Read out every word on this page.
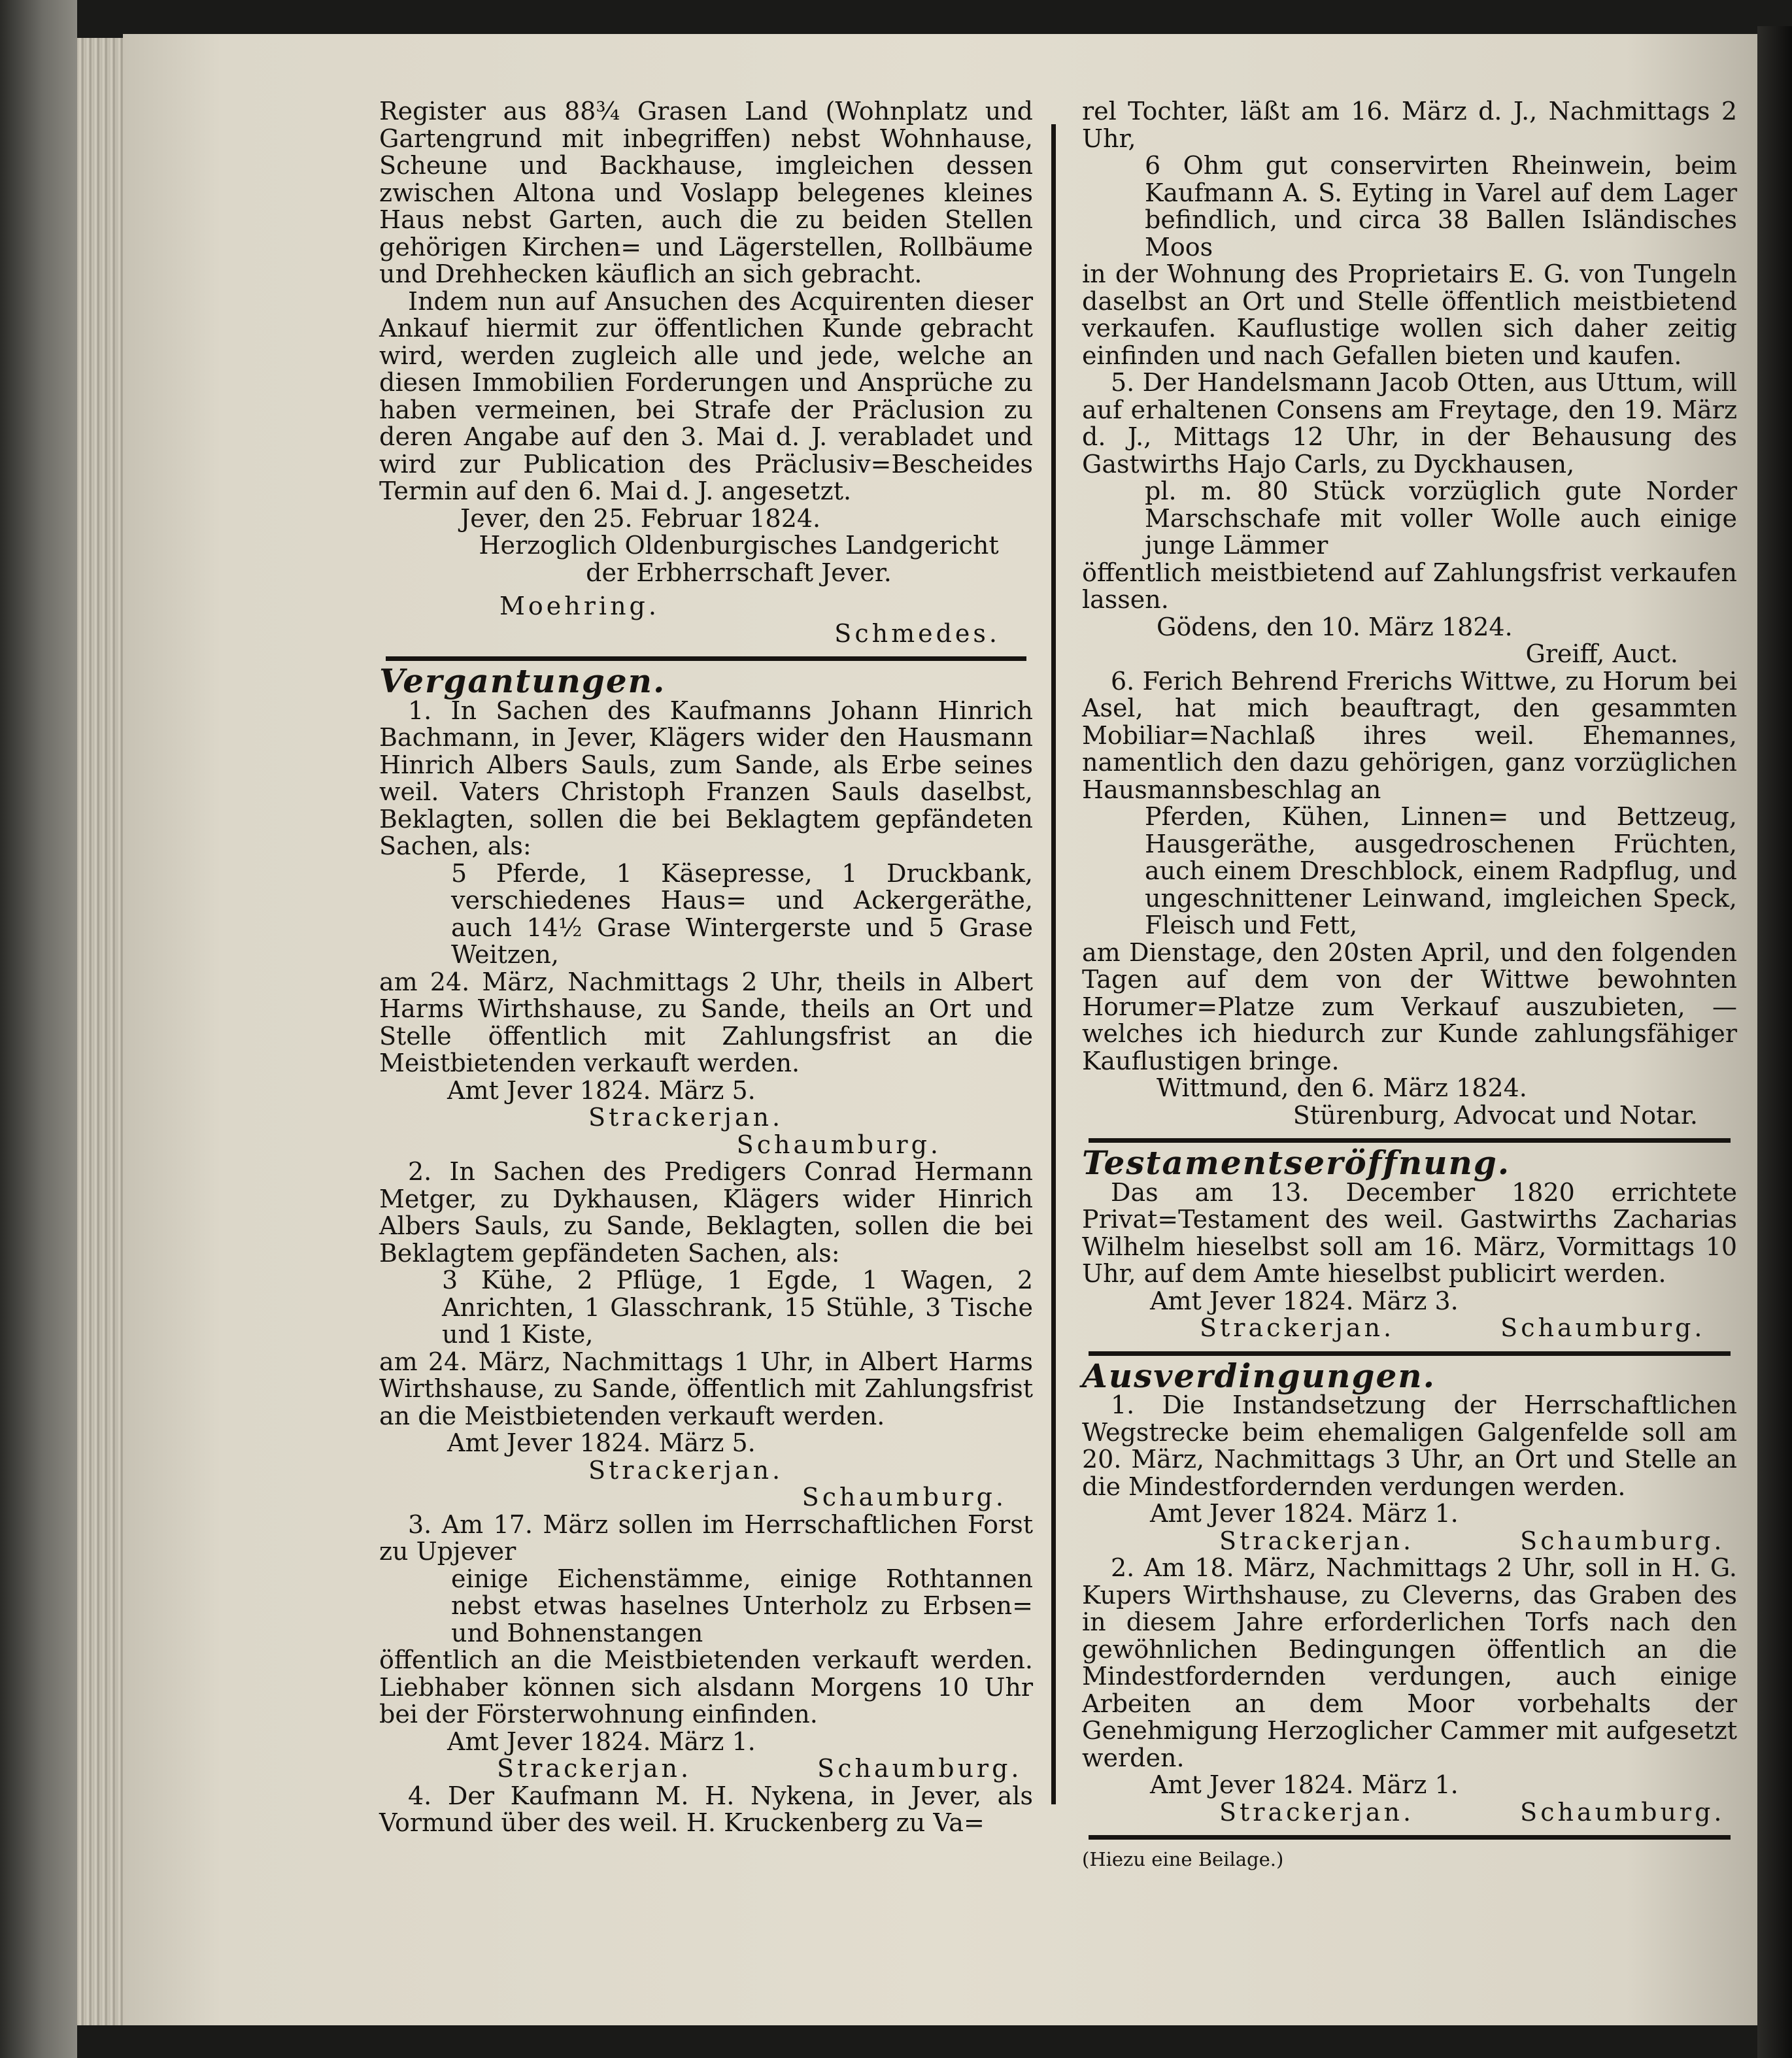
Register aus 88¾ Grasen Land (Wohnplatz und Gartengrund mit inbegriffen) nebst Wohnhause, Scheune und Backhause, imgleichen dessen zwischen Altona und Voslapp belegenes kleines Haus nebst Garten, auch die zu beiden Stellen gehörigen Kirchen= und Lägerstellen, Rollbäume und Drehhecken käuflich an sich gebracht.

Indem nun auf Ansuchen des Acquirenten dieser Ankauf hiermit zur öffentlichen Kunde gebracht wird, werden zugleich alle und jede, welche an diesen Immobilien Forderungen und Ansprüche zu haben vermeinen, bei Strafe der Präclusion zu deren Angabe auf den 3. Mai d. J. verabladet und wird zur Publication des Präclusiv=Bescheides Termin auf den 6. Mai d. J. angesetzt.

Jever, den 25. Februar 1824.

Herzoglich Oldenburgisches Landgericht

der Erbherrschaft Jever.

Moehring.

Schmedes.

Vergantungen.

1. In Sachen des Kaufmanns Johann Hinrich Bachmann, in Jever, Klägers wider den Hausmann Hinrich Albers Sauls, zum Sande, als Erbe seines weil. Vaters Christoph Franzen Sauls daselbst, Beklagten, sollen die bei Beklagtem gepfändeten Sachen, als:

5 Pferde, 1 Käsepresse, 1 Druckbank, verschiedenes Haus= und Ackergeräthe, auch 14½ Grase Wintergerste und 5 Grase Weitzen,

am 24. März, Nachmittags 2 Uhr, theils in Albert Harms Wirthshause, zu Sande, theils an Ort und Stelle öffentlich mit Zahlungsfrist an die Meistbietenden verkauft werden.

Amt Jever 1824. März 5.

Strackerjan.

Schaumburg.

2. In Sachen des Predigers Conrad Hermann Metger, zu Dykhausen, Klägers wider Hinrich Albers Sauls, zu Sande, Beklagten, sollen die bei Beklagtem gepfändeten Sachen, als:

3 Kühe, 2 Pflüge, 1 Egde, 1 Wagen, 2 Anrichten, 1 Glasschrank, 15 Stühle, 3 Tische und 1 Kiste,

am 24. März, Nachmittags 1 Uhr, in Albert Harms Wirthshause, zu Sande, öffentlich mit Zahlungsfrist an die Meistbietenden verkauft werden.

Amt Jever 1824. März 5.

Strackerjan.

Schaumburg.

3. Am 17. März sollen im Herrschaftlichen Forst zu Upjever

einige Eichenstämme, einige Rothtannen nebst etwas haselnes Unterholz zu Erbsen= und Bohnenstangen

öffentlich an die Meistbietenden verkauft werden. Liebhaber können sich alsdann Morgens 10 Uhr bei der Försterwohnung einfinden.

Amt Jever 1824. März 1.

Strackerjan.	Schaumburg.

4. Der Kaufmann M. H. Nykena, in Jever, als Vormund über des weil. H. Kruckenberg zu Va=

rel Tochter, läßt am 16. März d. J., Nachmittags 2 Uhr,

6 Ohm gut conservirten Rheinwein, beim Kaufmann A. S. Eyting in Varel auf dem Lager befindlich, und circa 38 Ballen Isländisches Moos

in der Wohnung des Proprietairs E. G. von Tungeln daselbst an Ort und Stelle öffentlich meistbietend verkaufen. Kauflustige wollen sich daher zeitig einfinden und nach Gefallen bieten und kaufen.

5. Der Handelsmann Jacob Otten, aus Uttum, will auf erhaltenen Consens am Freytage, den 19. März d. J., Mittags 12 Uhr, in der Behausung des Gastwirths Hajo Carls, zu Dyckhausen,

pl. m. 80 Stück vorzüglich gute Norder Marschschafe mit voller Wolle auch einige junge Lämmer

öffentlich meistbietend auf Zahlungsfrist verkaufen lassen.

Gödens, den 10. März 1824.

Greiff, Auct.

6. Ferich Behrend Frerichs Wittwe, zu Horum bei Asel, hat mich beauftragt, den gesammten Mobiliar=Nachlaß ihres weil. Ehemannes, namentlich den dazu gehörigen, ganz vorzüglichen Hausmannsbeschlag an

Pferden, Kühen, Linnen= und Bettzeug, Hausgeräthe, ausgedroschenen Früchten, auch einem Dreschblock, einem Radpflug, und ungeschnittener Leinwand, imgleichen Speck, Fleisch und Fett,

am Dienstage, den 20sten April, und den folgenden Tagen auf dem von der Wittwe bewohnten Horumer=Platze zum Verkauf auszubieten, — welches ich hiedurch zur Kunde zahlungsfähiger Kauflustigen bringe.

Wittmund, den 6. März 1824.

Stürenburg, Advocat und Notar.

Testamentseröffnung.

Das am 13. December 1820 errichtete Privat=Testament des weil. Gastwirths Zacharias Wilhelm hieselbst soll am 16. März, Vormittags 10 Uhr, auf dem Amte hieselbst publicirt werden.

Amt Jever 1824. März 3.

Strackerjan.	Schaumburg.

Ausverdingungen.

1. Die Instandsetzung der Herrschaftlichen Wegstrecke beim ehemaligen Galgenfelde soll am 20. März, Nachmittags 3 Uhr, an Ort und Stelle an die Mindestfordernden verdungen werden.

Amt Jever 1824. März 1.

Strackerjan.	Schaumburg.

2. Am 18. März, Nachmittags 2 Uhr, soll in H. G. Kupers Wirthshause, zu Cleverns, das Graben des in diesem Jahre erforderlichen Torfs nach den gewöhnlichen Bedingungen öffentlich an die Mindestfordernden verdungen, auch einige Arbeiten an dem Moor vorbehalts der Genehmigung Herzoglicher Cammer mit aufgesetzt werden.

Amt Jever 1824. März 1.

Strackerjan.	Schaumburg.

(Hiezu eine Beilage.)
